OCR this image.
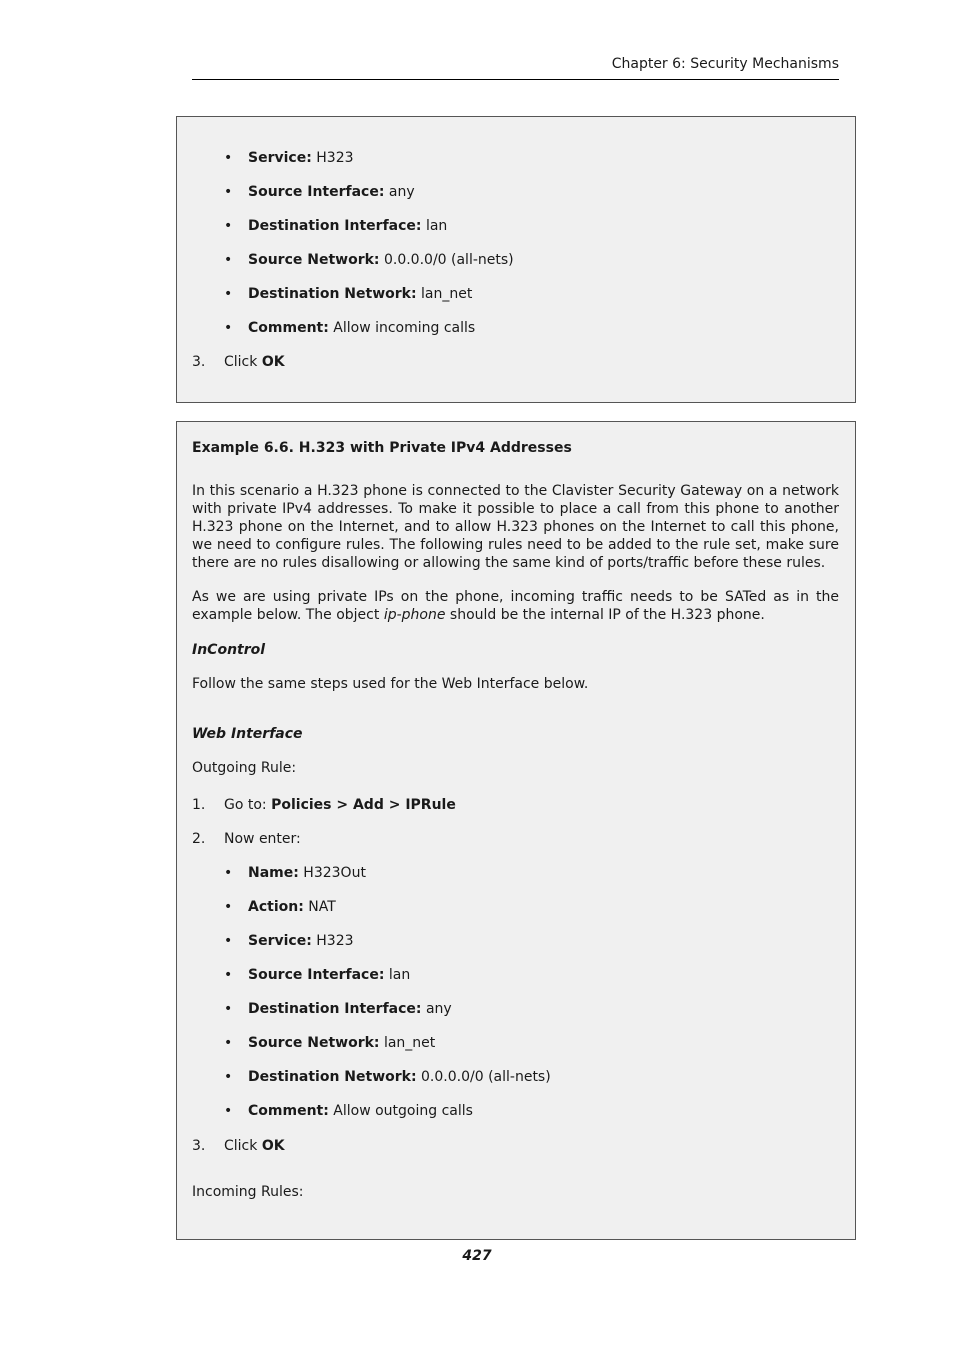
Chapter 6: Security Mechanisms
• Service: H323
• Source Interface: any
• Destination Interface: lan
• Source Network: 0.0.0.0/0 (all-nets)
• Destination Network: lan_net
• Comment: Allow incoming calls
3. Click OK
Example 6.6. H.323 with Private IPv4 Addresses
In this scenario a H.323 phone is connected to the Clavister Security Gateway on a network with private IPv4 addresses. To make it possible to place a call from this phone to another H.323 phone on the Internet, and to allow H.323 phones on the Internet to call this phone, we need to configure rules. The following rules need to be added to the rule set, make sure there are no rules disallowing or allowing the same kind of ports/traffic before these rules.
As we are using private IPs on the phone, incoming traffic needs to be SATed as in the example below. The object ip-phone should be the internal IP of the H.323 phone.
InControl
Follow the same steps used for the Web Interface below.
Web Interface
Outgoing Rule:
1. Go to: Policies > Add > IPRule
2. Now enter:
• Name: H323Out
• Action: NAT
• Service: H323
• Source Interface: lan
• Destination Interface: any
• Source Network: lan_net
• Destination Network: 0.0.0.0/0 (all-nets)
• Comment: Allow outgoing calls
3. Click OK
Incoming Rules:
427
